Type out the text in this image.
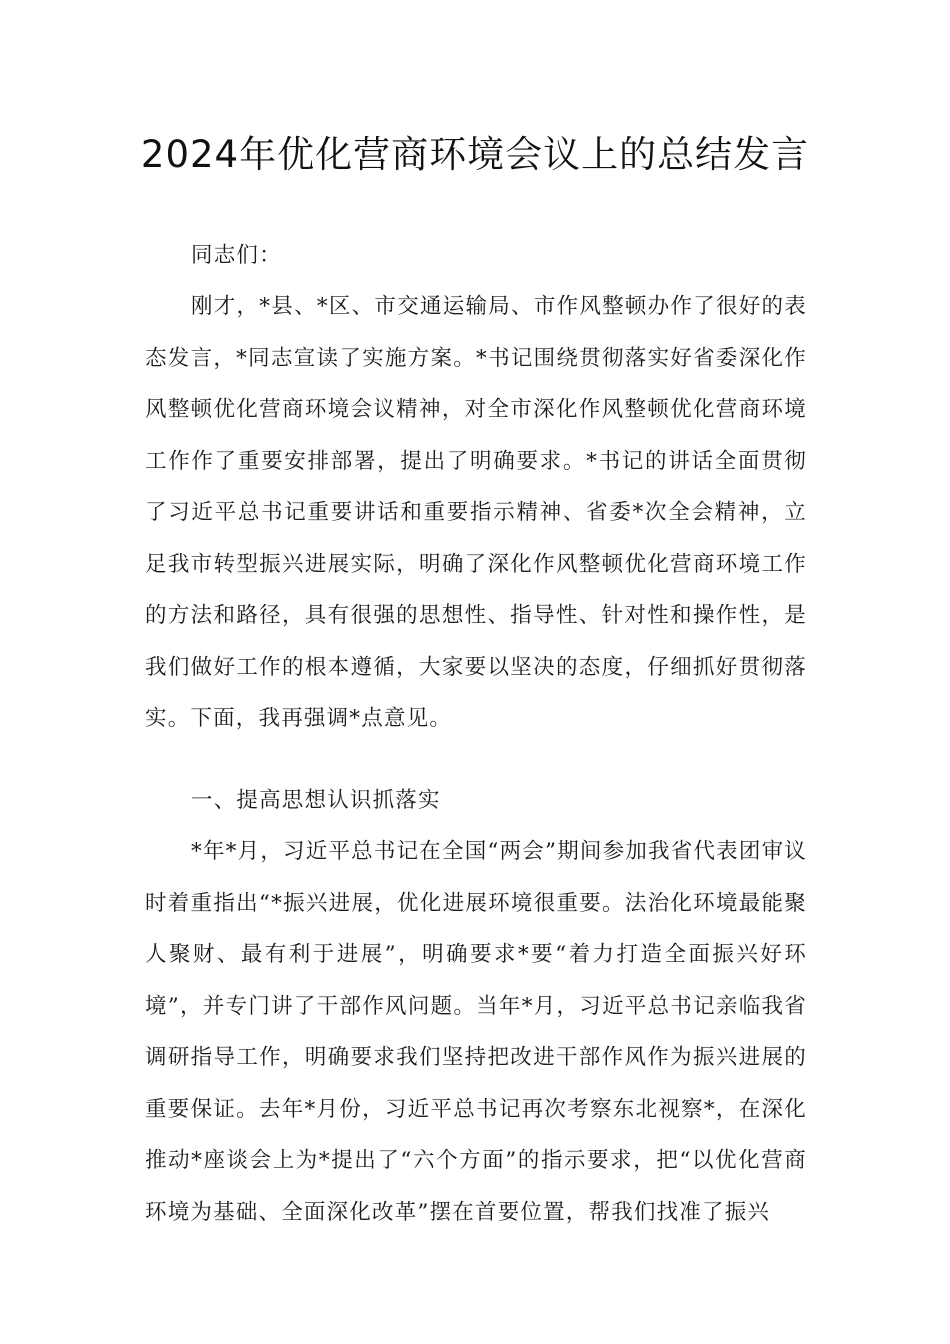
2024年优化营商环境会议上的总结发言

同志们：

刚才，*县、*区、市交通运输局、市作风整顿办作了很好的表态发言，*同志宣读了实施方案。*书记围绕贯彻落实好省委深化作风整顿优化营商环境会议精神，对全市深化作风整顿优化营商环境工作作了重要安排部署，提出了明确要求。*书记的讲话全面贯彻了习近平总书记重要讲话和重要指示精神、省委*次全会精神，立足我市转型振兴进展实际，明确了深化作风整顿优化营商环境工作的方法和路径，具有很强的思想性、指导性、针对性和操作性，是我们做好工作的根本遵循，大家要以坚决的态度，仔细抓好贯彻落实。下面，我再强调*点意见。

一、提高思想认识抓落实

*年*月，习近平总书记在全国“两会”期间参加我省代表团审议时着重指出“*振兴进展，优化进展环境很重要。法治化环境最能聚人聚财、最有利于进展”，明确要求*要“着力打造全面振兴好环境”，并专门讲了干部作风问题。当年*月，习近平总书记亲临我省调研指导工作，明确要求我们坚持把改进干部作风作为振兴进展的重要保证。去年*月份，习近平总书记再次考察东北视察*，在深化推动*座谈会上为*提出了“六个方面”的指示要求，把“以优化营商环境为基础、全面深化改革”摆在首要位置，帮我们找准了振兴
